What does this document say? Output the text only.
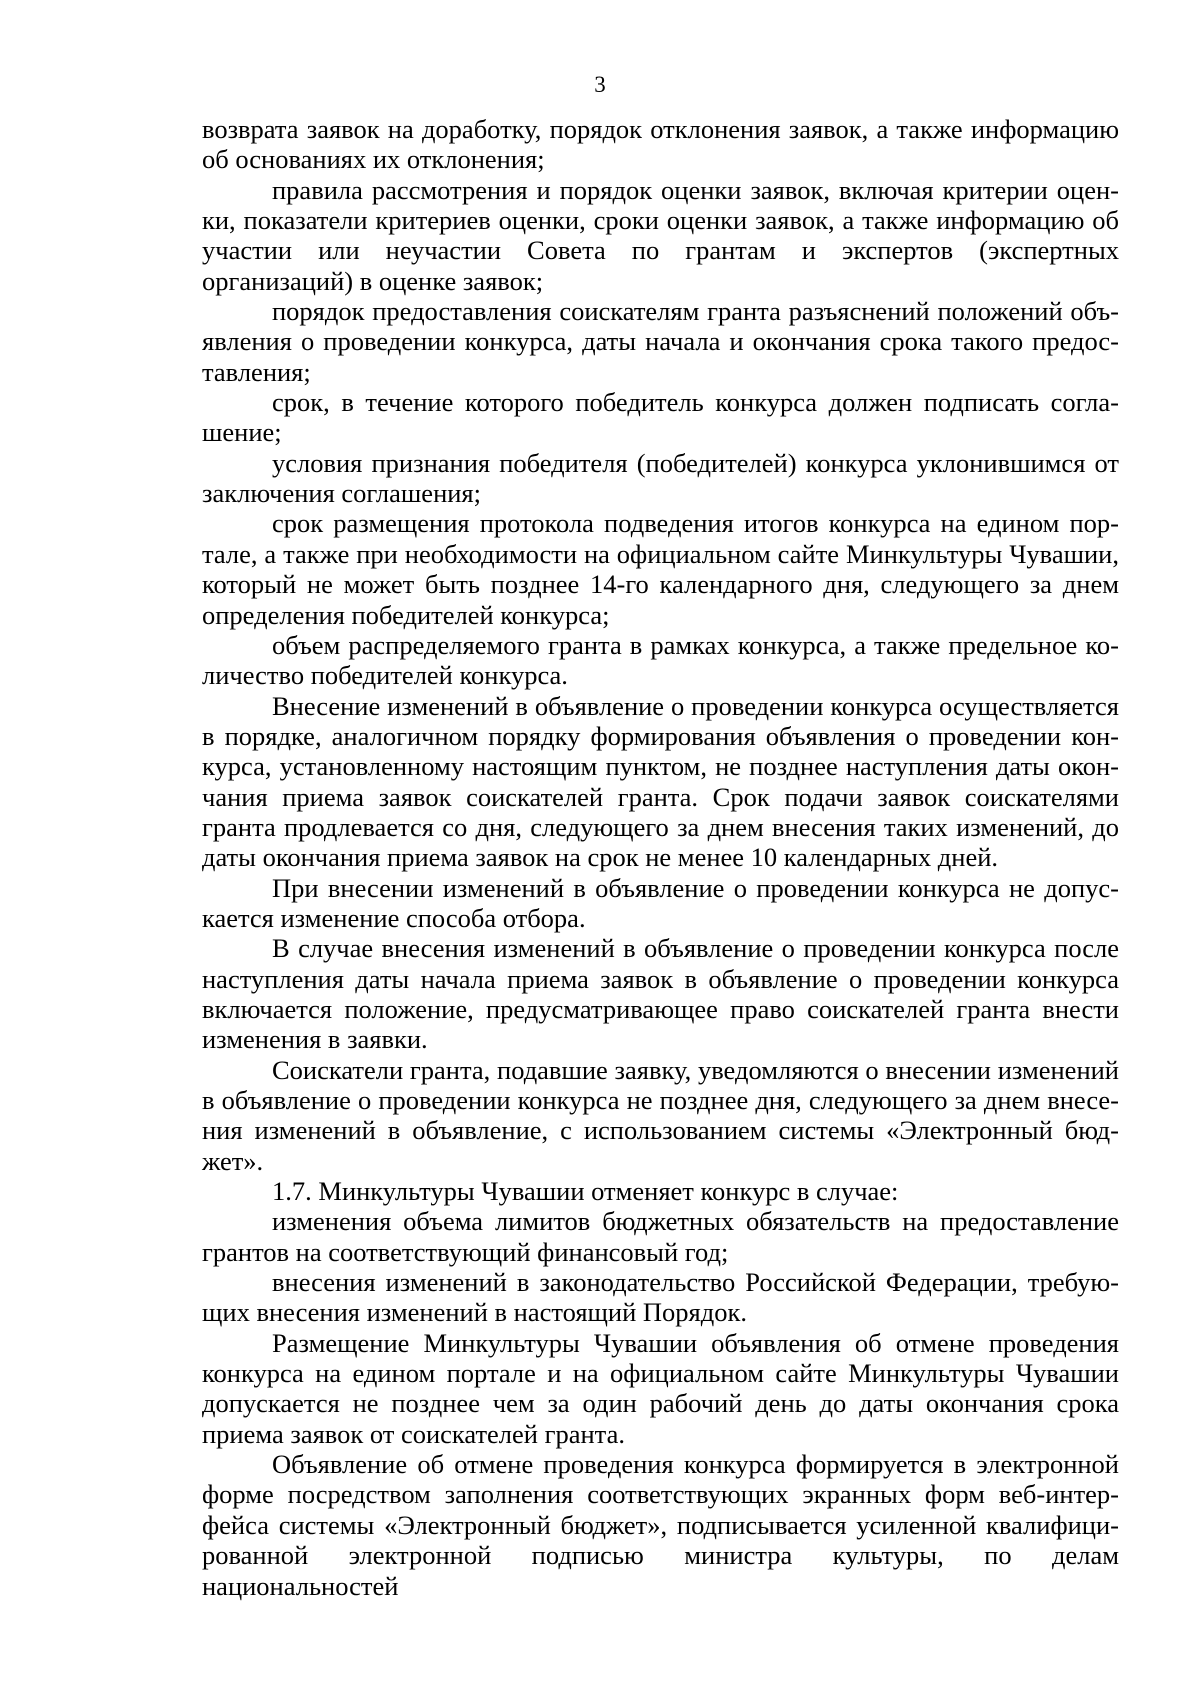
3

возврата заявок на доработку, порядок отклонения заявок, а также информацию об основаниях их отклонения;

правила рассмотрения и порядок оценки заявок, включая критерии оценки, показатели критериев оценки, сроки оценки заявок, а также информацию об участии или неучастии Совета по грантам и экспертов (экспертных организаций) в оценке заявок;

порядок предоставления соискателям гранта разъяснений положений объявления о проведении конкурса, даты начала и окончания срока такого предоставления;

срок, в течение которого победитель конкурса должен подписать соглашение;

условия признания победителя (победителей) конкурса уклонившимся от заключения соглашения;

срок размещения протокола подведения итогов конкурса на едином портале, а также при необходимости на официальном сайте Минкультуры Чувашии, который не может быть позднее 14-го календарного дня, следующего за днем определения победителей конкурса;

объем распределяемого гранта в рамках конкурса, а также предельное количество победителей конкурса.

Внесение изменений в объявление о проведении конкурса осуществляется в порядке, аналогичном порядку формирования объявления о проведении конкурса, установленному настоящим пунктом, не позднее наступления даты окончания приема заявок соискателей гранта. Срок подачи заявок соискателями гранта продлевается со дня, следующего за днем внесения таких изменений, до даты окончания приема заявок на срок не менее 10 календарных дней.

При внесении изменений в объявление о проведении конкурса не допускается изменение способа отбора.

В случае внесения изменений в объявление о проведении конкурса после наступления даты начала приема заявок в объявление о проведении конкурса включается положение, предусматривающее право соискателей гранта внести изменения в заявки.

Соискатели гранта, подавшие заявку, уведомляются о внесении изменений в объявление о проведении конкурса не позднее дня, следующего за днем внесения изменений в объявление, с использованием системы «Электронный бюджет».

1.7. Минкультуры Чувашии отменяет конкурс в случае:

изменения объема лимитов бюджетных обязательств на предоставление грантов на соответствующий финансовый год;

внесения изменений в законодательство Российской Федерации, требующих внесения изменений в настоящий Порядок.

Размещение Минкультуры Чувашии объявления об отмене проведения конкурса на едином портале и на официальном сайте Минкультуры Чувашии допускается не позднее чем за один рабочий день до даты окончания срока приема заявок от соискателей гранта.

Объявление об отмене проведения конкурса формируется в электронной форме посредством заполнения соответствующих экранных форм веб-интерфейса системы «Электронный бюджет», подписывается усиленной квалифицированной электронной подписью министра культуры, по делам национальностей
